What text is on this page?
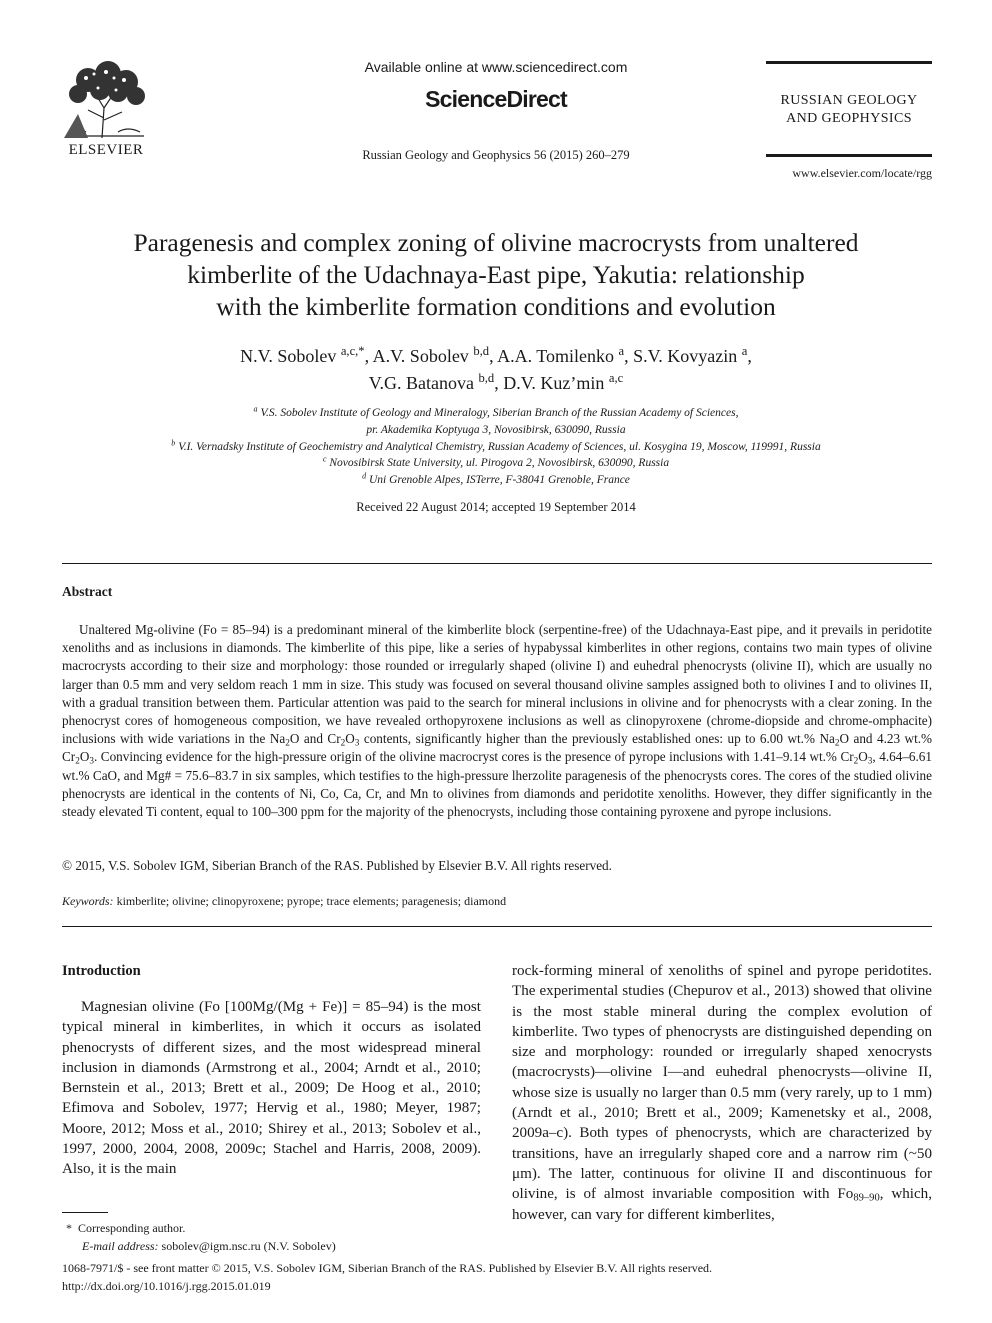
ELSEVIER
Available online at www.sciencedirect.com
ScienceDirect
Russian Geology and Geophysics 56 (2015) 260–279
RUSSIAN GEOLOGY
AND GEOPHYSICS
www.elsevier.com/locate/rgg
Paragenesis and complex zoning of olivine macrocrysts from unaltered
kimberlite of the Udachnaya-East pipe, Yakutia: relationship
with the kimberlite formation conditions and evolution
N.V. Sobolev $^{a,c,*}$, A.V. Sobolev $^{b,d}$, A.A. Tomilenko $^a$, S.V. Kovyazin $^a$,
V.G. Batanova $^{b,d}$, D.V. Kuz’min $^{a,c}$
$^a$ V.S. Sobolev Institute of Geology and Mineralogy, Siberian Branch of the Russian Academy of Sciences,
pr. Akademika Koptyuga 3, Novosibirsk, 630090, Russia
$^b$ V.I. Vernadsky Institute of Geochemistry and Analytical Chemistry, Russian Academy of Sciences, ul. Kosygina 19, Moscow, 119991, Russia
$^c$ Novosibirsk State University, ul. Pirogova 2, Novosibirsk, 630090, Russia
$^d$ Uni Grenoble Alpes, ISTerre, F-38041 Grenoble, France
Received 22 August 2014; accepted 19 September 2014
Abstract
Unaltered Mg-olivine (Fo = 85–94) is a predominant mineral of the kimberlite block (serpentine-free) of the Udachnaya-East pipe, and it prevails in peridotite xenoliths and as inclusions in diamonds. The kimberlite of this pipe, like a series of hypabyssal kimberlites in other regions, contains two main types of olivine macrocrysts according to their size and morphology: those rounded or irregularly shaped (olivine I) and euhedral phenocrysts (olivine II), which are usually no larger than 0.5 mm and very seldom reach 1 mm in size. This study was focused on several thousand olivine samples assigned both to olivines I and to olivines II, with a gradual transition between them. Particular attention was paid to the search for mineral inclusions in olivine and for phenocrysts with a clear zoning. In the phenocryst cores of homogeneous composition, we have revealed orthopyroxene inclusions as well as clinopyroxene (chrome-diopside and chrome-omphacite) inclusions with wide variations in the $Na_2O$ and $Cr_2O_3$ contents, significantly higher than the previously established ones: up to 6.00 wt.% $Na_2O$ and 4.23 wt.% $Cr_2O_3$. Convincing evidence for the high-pressure origin of the olivine macrocryst cores is the presence of pyrope inclusions with 1.41–9.14 wt.% $Cr_2O_3$, 4.64–6.61 wt.% CaO, and Mg# = 75.6–83.7 in six samples, which testifies to the high-pressure lherzolite paragenesis of the phenocrysts cores. The cores of the studied olivine phenocrysts are identical in the contents of Ni, Co, Ca, Cr, and Mn to olivines from diamonds and peridotite xenoliths. However, they differ significantly in the steady elevated Ti content, equal to 100–300 ppm for the majority of the phenocrysts, including those containing pyroxene and pyrope inclusions.
© 2015, V.S. Sobolev IGM, Siberian Branch of the RAS. Published by Elsevier B.V. All rights reserved.
Keywords: kimberlite; olivine; clinopyroxene; pyrope; trace elements; paragenesis; diamond
Introduction
Magnesian olivine (Fo [100Mg/(Mg + Fe)] = 85–94) is the most typical mineral in kimberlites, in which it occurs as isolated phenocrysts of different sizes, and the most widespread mineral inclusion in diamonds (Armstrong et al., 2004; Arndt et al., 2010; Bernstein et al., 2013; Brett et al., 2009; De Hoog et al., 2010; Efimova and Sobolev, 1977; Hervig et al., 1980; Meyer, 1987; Moore, 2012; Moss et al., 2010; Shirey et al., 2013; Sobolev et al., 1997, 2000, 2004, 2008, 2009c; Stachel and Harris, 2008, 2009). Also, it is the main
rock-forming mineral of xenoliths of spinel and pyrope peridotites. The experimental studies (Chepurov et al., 2013) showed that olivine is the most stable mineral during the complex evolution of kimberlite. Two types of phenocrysts are distinguished depending on size and morphology: rounded or irregularly shaped xenocrysts (macrocrysts)—olivine I—and euhedral phenocrysts—olivine II, whose size is usually no larger than 0.5 mm (very rarely, up to 1 mm) (Arndt et al., 2010; Brett et al., 2009; Kamenetsky et al., 2008, 2009a–c). Both types of phenocrysts, which are characterized by transitions, have an irregularly shaped core and a narrow rim (~50 μm). The latter, continuous for olivine II and discontinuous for olivine, is of almost invariable composition with $Fo_{89-90}$, which, however, can vary for different kimberlites,
* Corresponding author.
E-mail address: sobolev@igm.nsc.ru (N.V. Sobolev)
1068-7971/$ - see front matter © 2015, V.S. Sobolev IGM, Siberian Branch of the RAS. Published by Elsevier B.V. All rights reserved.
http://dx.doi.org/10.1016/j.rgg.2015.01.019
